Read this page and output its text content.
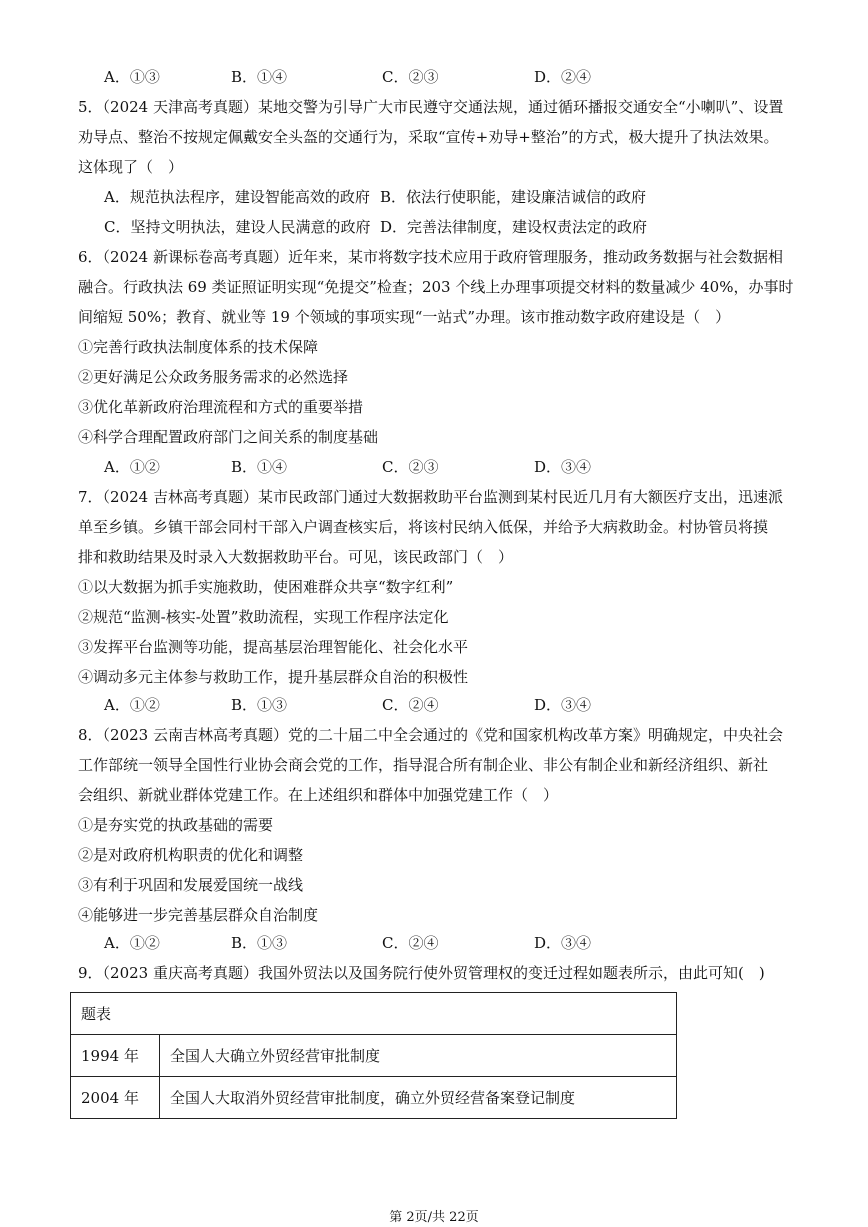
A．①③	B．①④	C．②③	D．②④
5．（2024 天津高考真题）某地交警为引导广大市民遵守交通法规，通过循环播报交通安全“小喇叭”、设置
劝导点、整治不按规定佩戴安全头盔的交通行为，采取“宣传+劝导+整治”的方式，极大提升了执法效果。
这体现了（　）
A．规范执法程序，建设智能高效的政府 B．依法行使职能，建设廉洁诚信的政府
C．坚持文明执法，建设人民满意的政府 D．完善法律制度，建设权责法定的政府
6．（2024 新课标卷高考真题）近年来，某市将数字技术应用于政府管理服务，推动政务数据与社会数据相
融合。行政执法 69 类证照证明实现“免提交”检查；203 个线上办理事项提交材料的数量减少 40%，办事时
间缩短 50%；教育、就业等 19 个领域的事项实现“一站式”办理。该市推动数字政府建设是（　）
①完善行政执法制度体系的技术保障
②更好满足公众政务服务需求的必然选择
③优化革新政府治理流程和方式的重要举措
④科学合理配置政府部门之间关系的制度基础
A．①②	B．①④	C．②③	D．③④
7．（2024 吉林高考真题）某市民政部门通过大数据救助平台监测到某村民近几月有大额医疗支出，迅速派
单至乡镇。乡镇干部会同村干部入户调查核实后，将该村民纳入低保，并给予大病救助金。村协管员将摸
排和救助结果及时录入大数据救助平台。可见，该民政部门（　）
①以大数据为抓手实施救助，使困难群众共享“数字红利”
②规范“监测-核实-处置”救助流程，实现工作程序法定化
③发挥平台监测等功能，提高基层治理智能化、社会化水平
④调动多元主体参与救助工作，提升基层群众自治的积极性
A．①②	B．①③	C．②④	D．③④
8．（2023 云南吉林高考真题）党的二十届二中全会通过的《党和国家机构改革方案》明确规定，中央社会
工作部统一领导全国性行业协会商会党的工作，指导混合所有制企业、非公有制企业和新经济组织、新社
会组织、新就业群体党建工作。在上述组织和群体中加强党建工作（　）
①是夯实党的执政基础的需要
②是对政府机构职责的优化和调整
③有利于巩固和发展爱国统一战线
④能够进一步完善基层群众自治制度
A．①②	B．①③	C．②④	D．③④
9．（2023 重庆高考真题）我国外贸法以及国务院行使外贸管理权的变迁过程如题表所示，由此可知(　)
题表	
1994 年	全国人大确立外贸经营审批制度
2004 年	全国人大取消外贸经营审批制度，确立外贸经营备案登记制度
第 2页/共 22页
